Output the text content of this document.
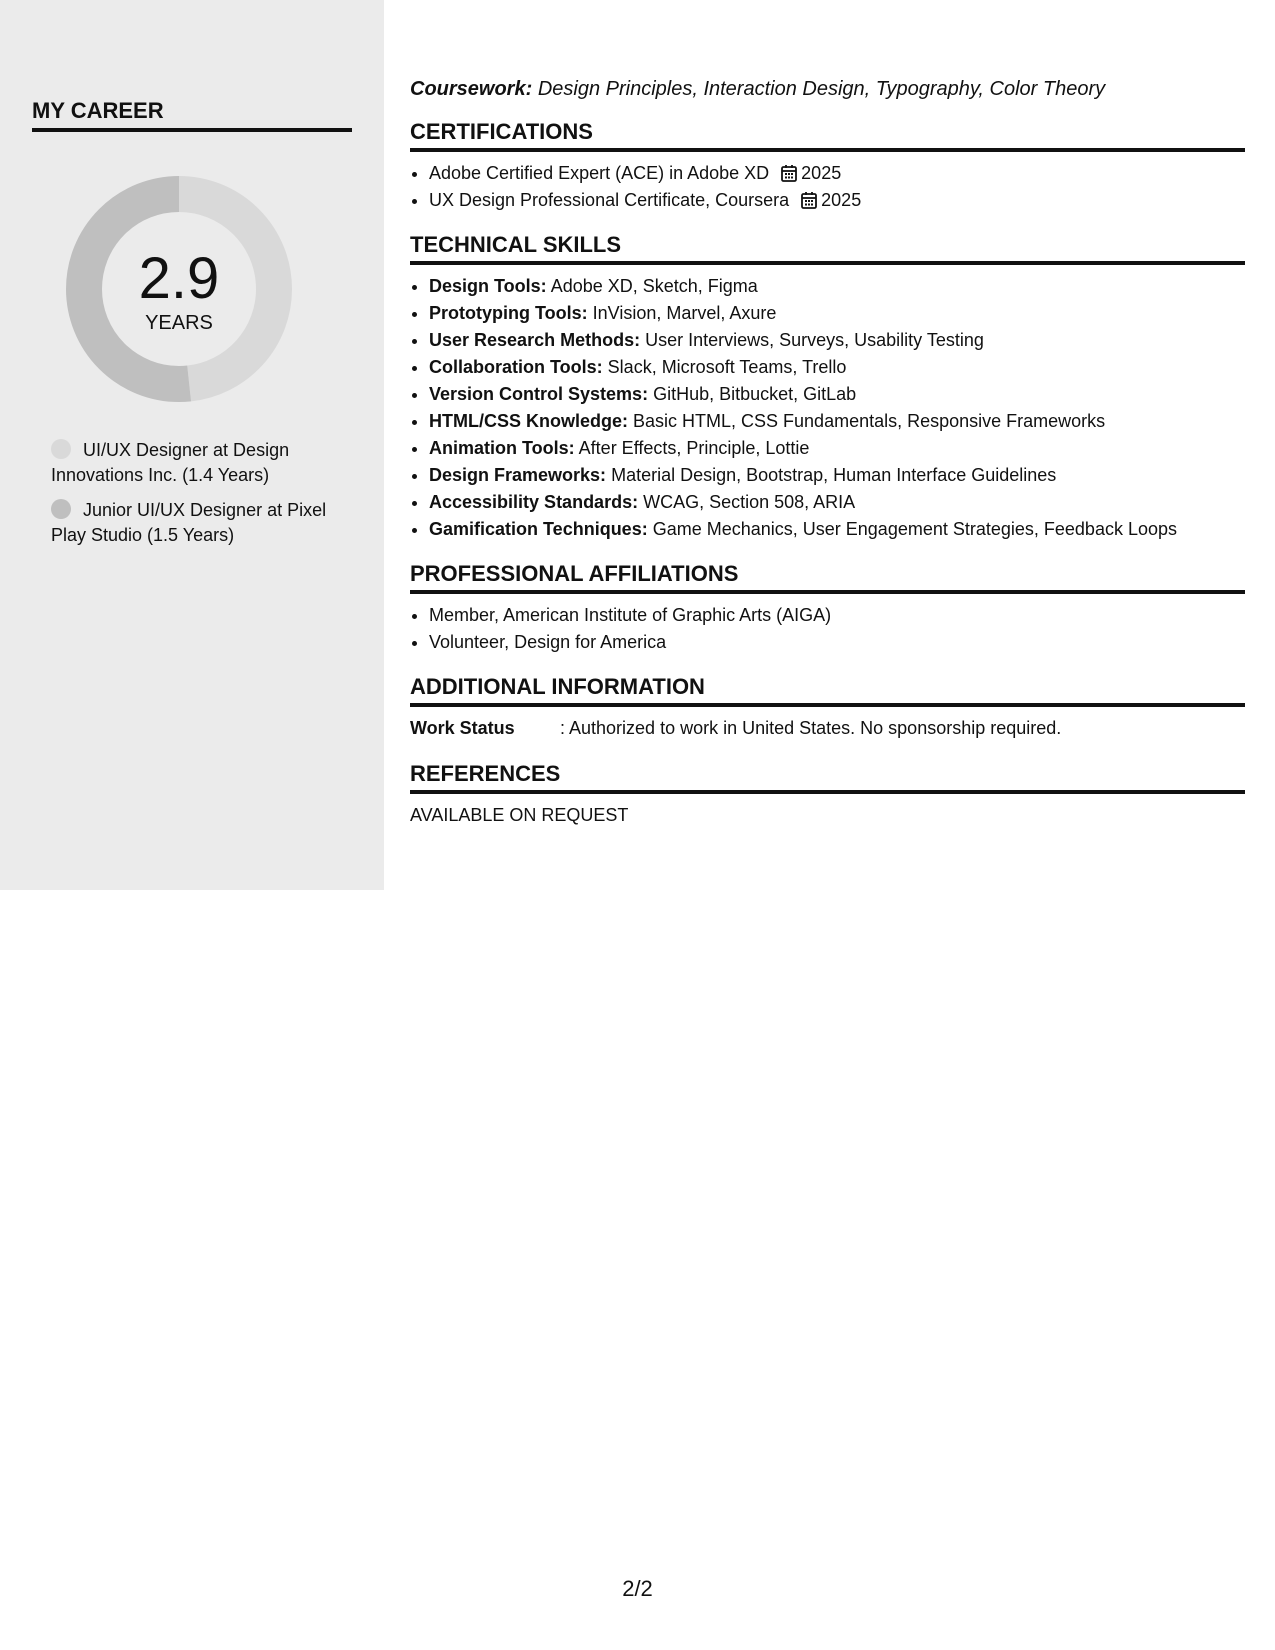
MY CAREER
2.9
YEARS
UI/UX Designer at Design Innovations Inc. (1.4 Years)
Junior UI/UX Designer at Pixel Play Studio (1.5 Years)
Coursework: Design Principles, Interaction Design, Typography, Color Theory
CERTIFICATIONS
• Adobe Certified Expert (ACE) in Adobe XD 2025
• UX Design Professional Certificate, Coursera 2025
TECHNICAL SKILLS
• Design Tools: Adobe XD, Sketch, Figma
• Prototyping Tools: InVision, Marvel, Axure
• User Research Methods: User Interviews, Surveys, Usability Testing
• Collaboration Tools: Slack, Microsoft Teams, Trello
• Version Control Systems: GitHub, Bitbucket, GitLab
• HTML/CSS Knowledge: Basic HTML, CSS Fundamentals, Responsive Frameworks
• Animation Tools: After Effects, Principle, Lottie
• Design Frameworks: Material Design, Bootstrap, Human Interface Guidelines
• Accessibility Standards: WCAG, Section 508, ARIA
• Gamification Techniques: Game Mechanics, User Engagement Strategies, Feedback Loops
PROFESSIONAL AFFILIATIONS
• Member, American Institute of Graphic Arts (AIGA)
• Volunteer, Design for America
ADDITIONAL INFORMATION
Work Status	: Authorized to work in United States. No sponsorship required.
REFERENCES
AVAILABLE ON REQUEST
2/2
